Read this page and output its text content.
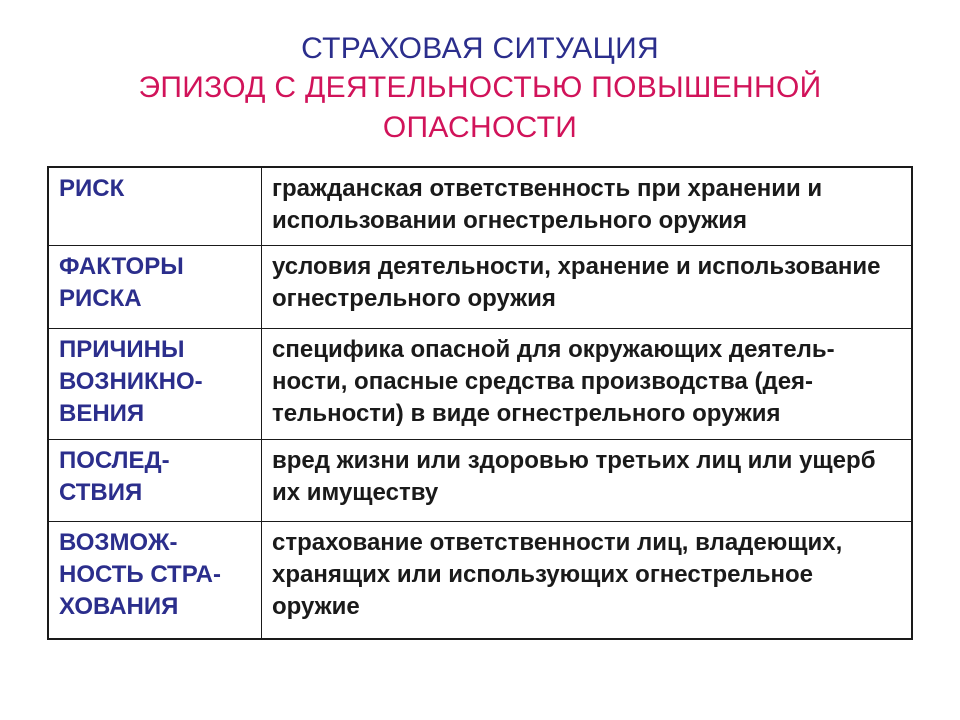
СТРАХОВАЯ СИТУАЦИЯ
ЭПИЗОД С ДЕЯТЕЛЬНОСТЬЮ ПОВЫШЕННОЙ ОПАСНОСТИ
РИСК	гражданская ответственность при хранении и использовании огнестрельного оружия
ФАКТОРЫ РИСКА	условия деятельности, хранение и использование огнестрельного оружия
ПРИЧИНЫ ВОЗНИКНО-ВЕНИЯ	специфика опасной для окружающих деятель-ности, опасные средства производства (дея-тельности) в виде огнестрельного оружия
ПОСЛЕД-СТВИЯ	вред жизни или здоровью третьих лиц или ущерб их имуществу
ВОЗМОЖ-НОСТЬ СТРА-ХОВАНИЯ	страхование ответственности лиц, владеющих, хранящих или использующих огнестрельное оружие
